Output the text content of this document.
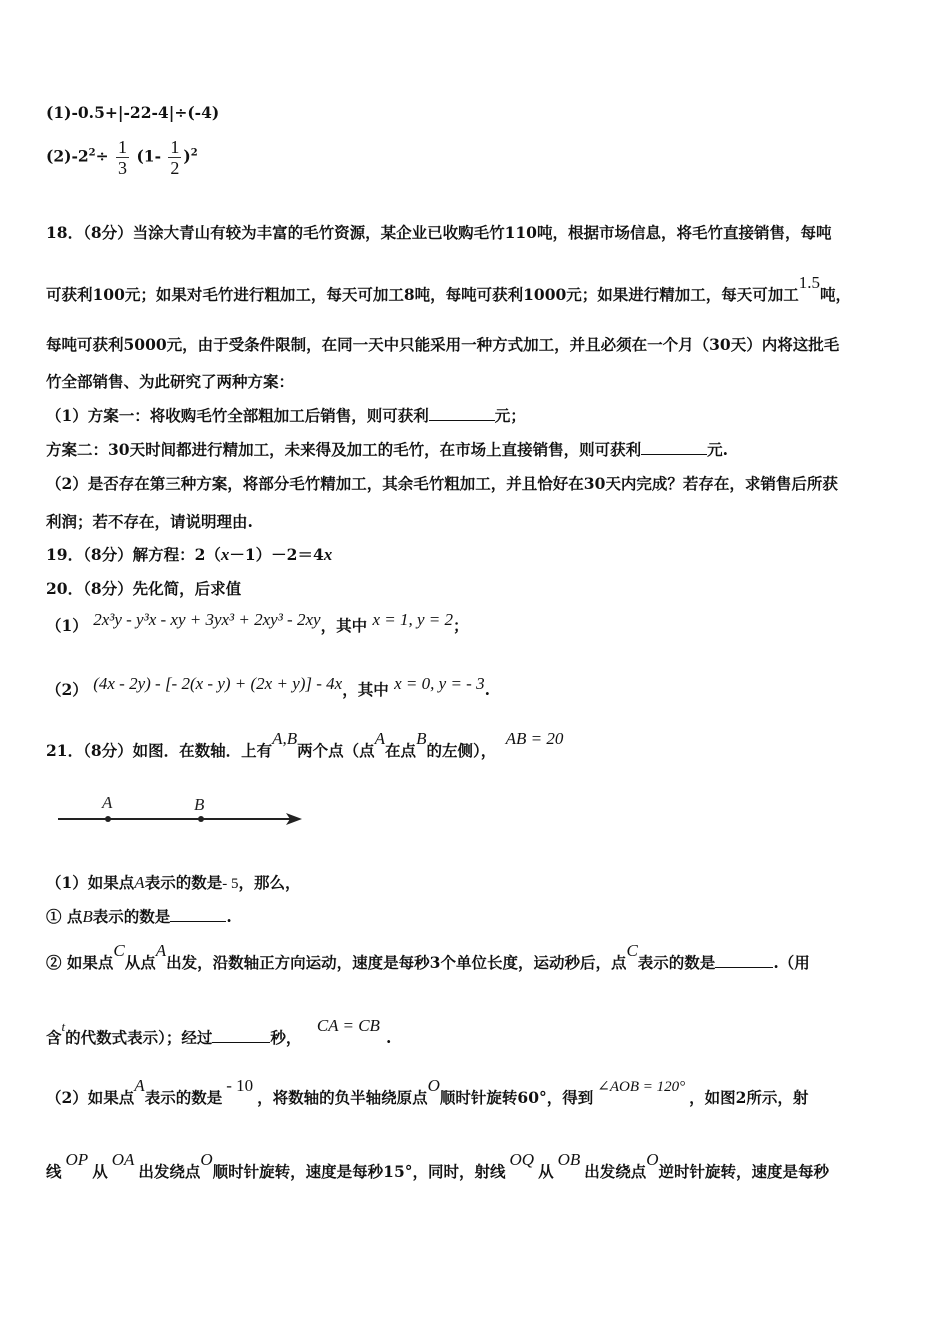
(1)-0.5+|-22-4|÷(-4)
$(2)-2^2\div \frac{1}{3} (1- \frac{1}{2} )^2$
18．（8分）当涂大青山有较为丰富的毛竹资源，某企业已收购毛竹110吨，根据市场信息，将毛竹直接销售，每吨
可获利100元；如果对毛竹进行粗加工，每天可加工8吨，每吨可获利1000元；如果进行精加工，每天可加工1.5吨，
每吨可获利5000元，由于受条件限制，在同一天中只能采用一种方式加工，并且必须在一个月（30天）内将这批毛
竹全部销售、为此研究了两种方案：
（1）方案一：将收购毛竹全部粗加工后销售，则可获利	元；
方案二：30天时间都进行精加工，未来得及加工的毛竹，在市场上直接销售，则可获利	元.
（2）是否存在第三种方案，将部分毛竹精加工，其余毛竹粗加工，并且恰好在30天内完成？若存在，求销售后所获
利润；若不存在，请说明理由.
19．（8分）解方程：2（x－1）－2＝4x
20．（8分）先化简，后求值
（1） 2x³y - y³x - xy + 3yx³ + 2xy³ - 2xy，其中 x = 1, y = 2；
（2） (4x - 2y) - [- 2(x - y) + (2x + y)] - 4x，其中 x = 0, y = - 3.
21．（8分）如图．在数轴．上有A,B两个点（点A在点B的左侧）， AB = 20
A	B
（1）如果点A表示的数是- 5，那么，
① 点B表示的数是	.
② 如果点C从点A出发，沿数轴正方向运动，速度是每秒3个单位长度，运动秒后，点C表示的数是	.（用
含$^t$的代数式表示）；经过	秒， CA = CB.
（2）如果点A表示的数是- 10，将数轴的负半轴绕原点O顺时针旋转60°，得到∠AOB = 120°，如图2所示，射
线OP从OA出发绕点O顺时针旋转，速度是每秒15°，同时，射线OQ从OB出发绕点O逆时针旋转，速度是每秒
